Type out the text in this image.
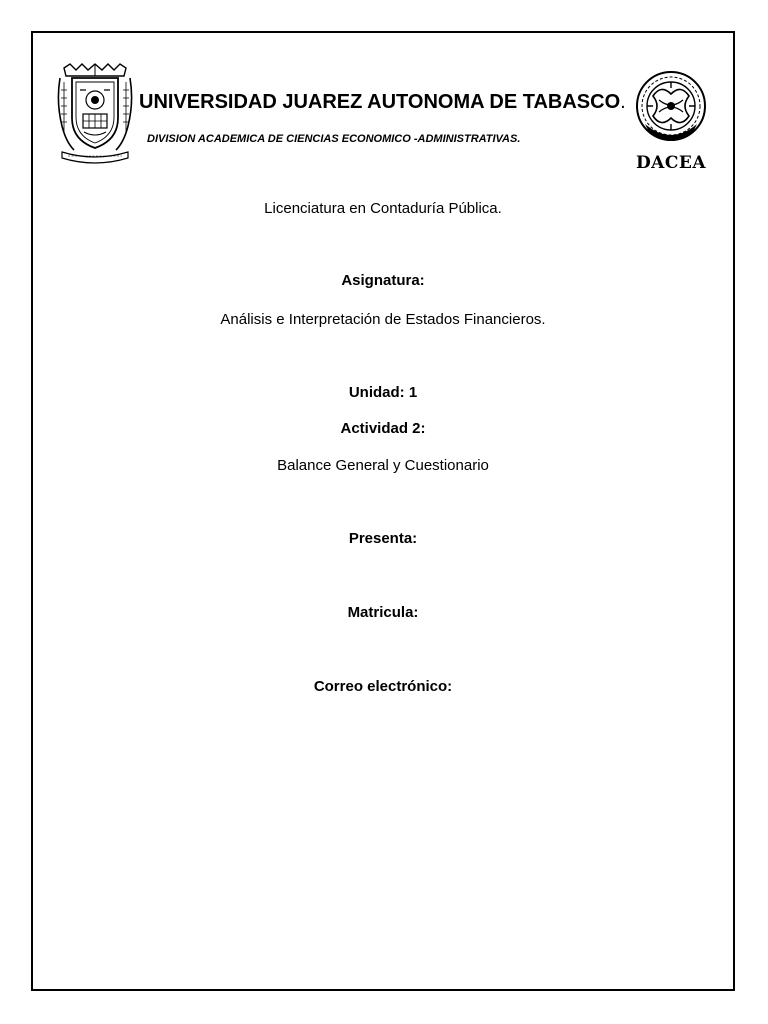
DACEA
UNIVERSIDAD JUAREZ AUTONOMA DE TABASCO.
DIVISION ACADEMICA DE CIENCIAS ECONOMICO -ADMINISTRATIVAS.
Licenciatura en Contaduría Pública.
Asignatura:
Análisis e Interpretación de Estados Financieros.
Unidad: 1
Actividad 2:
Balance General y Cuestionario
Presenta:
Matricula:
Correo electrónico:
